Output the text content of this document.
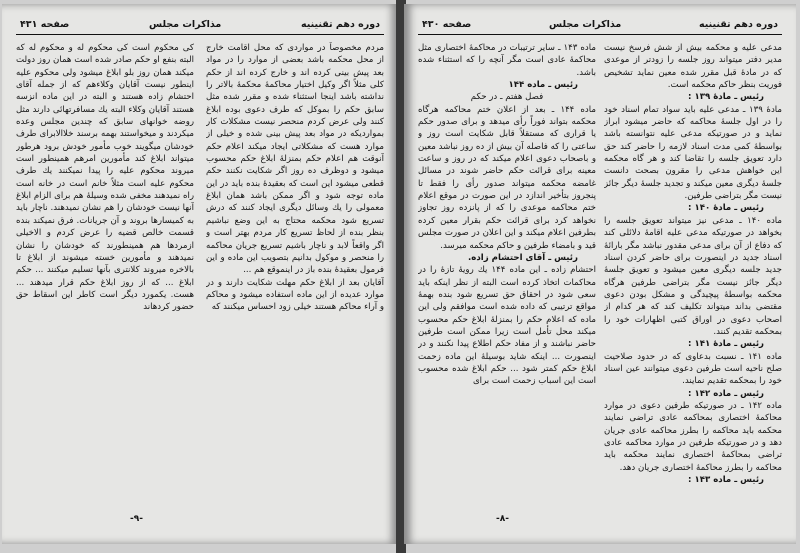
دوره دهم تقنینیه
مذاکرات مجلس
صفحه ۴۳۱

مردم مخصوصاً در مواردی که محل اقامت خارج از محل محکمه باشد بعضی از موارد را در مواد بعد پیش بینی کرده اند و خارج کرده اند از حکم کلی مثلاً اگر وکیل اختیار محاکمهٔ محکمهٔ بالاتر را نداشته باشد اینجا استثناء شده و مقرر شده مثل سابق حکم را بموکل که طرف دعوی بوده ابلاغ کنند ولی عرض کردم منحصر نیست مشکلات کار بمواردیکه در مواد بعد پیش بینی شده و خیلی از موارد هست که مشکلاتی ایجاد میکند اعلام حکم آنوقت هم اعلام حکم بمنزلهٔ ابلاغ حکم محسوب میشود و دوظرف ده روز اگر شکایت نکنند حکم قطعی میشود این است که بعقیدهٔ بنده باید در این ماده توجه شود و اگر ممکن باشد همان ابلاغ معمولی را یك وسائل دیگری ایجاد کنند که درش تسریع شود محکمه محتاج به این وضع نباشیم بنظر بنده از لحاظ تسریع کار مردم بهتر است و اگر واقعاً لابد و ناچار باشیم تسریع جریان محاکمه را منحصر و موکول بدانیم بتصویب این ماده و این فرمول بعقیدهٔ بنده باز در اینموقع هم ...

آقایان بعد از ابلاغ حکم مهلت شکایت دارند و در موارد عدیده از این ماده استفاده میشود و محاکم و آراء محاکم هستند خیلی زود احساس میکنند که

کی محکوم است کی محکوم له و محکوم له که البته بنفع او حکم صادر شده است همان روز دولت میکند همان روز بلو ابلاغ میشود ولی محکوم علیه اینطور نیست آقایان وکلاءهم که از جمله آقای احتشام زاده هستند و البته در این ماده انزسه هستند آقایان وکلاء البته یك مسافرتهائی دارند مثل روضه خوانهای سابق که چندین مجلس وعده میکردند و میخواستند بهمه برسند خلاالابرای طرف خودشان میگویند خوب مأمور خودش برود هرطور میتواند ابلاغ کند مأمورین امرهم همینطور است میروند محکوم علیه را پیدا نمیکنند یك طرف محکوم علیه است مثلاً خانم است در خانه است راه نمیدهند مخفی شده وسیلهٔ هم برای الزام ابلاغ آنها نیست خودشان را هم نشان نمیدهند. ناچار باید به کمیسارها بروند و آن جریانات. فرق نمیکند بنده قسمت خالص قضیه را عرض کردم و الاخیلی ازمردها هم همینطورند که خودشان را نشان نمیدهند و مأمورین خسته میشوند از ابلاغ تا بالاخره میروند کلانتری بآنها تسلیم میکنند ... حکم ابلاغ ... که از روز ابلاغ حکم قرار میدهند ... هست. یکمورد دیگر است کاطر این اسقاط حق حضور کردهاند

-۹-
دوره دهم تقنینیه
مذاکرات مجلس
صفحه ۴۳۰

مدعی علیه و محکمه بیش از شش فرسخ نیست مدیر دفتر میتواند روز جلسه را زودتر از موعدی که در مادهٔ قبل مقرر شده معین نماید تشخیص فوریت بنظر حاکم محکمه است.

رئیس ـ مادهٔ ۱۳۹ :

مادهٔ ۱۳۹ ـ مدعی علیه باید سواد تمام اسناد خود را در اول جلسهٔ محاکمه که حاضر میشود ابراز نماید و در صورتیکه مدعی علیه نتوانسته باشد بواسطهٔ کمی مدت اسناد لازمه را حاضر کند حق دارد تعویق جلسه را تقاضا کند و هر گاه محکمه این خواهش مدعی را مقرون بصحت دانست جلسهٔ دیگری معین میکند و تجدید جلسهٔ دیگر جائز نیست مگر بتراضی طرفین.

رئیس ـ مادهٔ ۱۴۰ :

ماده ۱۴۰ ـ مدعی نیز میتواند تعویق جلسه را بخواهد در صورتیکه مدعی علیه اقامهٔ دلائلی کند که دفاع از آن برای مدعی مقدور نباشد مگر بارائهٔ اسناد جدید در اینصورت برای حاضر کردن اسناد جدید جلسه دیگری معین میشود و تعویق جلسهٔ دیگر جائز نیست مگر بتراضی طرفین هرگاه محکمه بواسطهٔ پیچیدگی و مشکل بودن دعوی مقتضی بداند میتواند تکلیف کند که هر کدام از اصحاب دعوی در اوراق کتبی اظهارات خود را بمحکمه تقدیم کنند.

رئیس ـ مادهٔ ۱۴۱ :

ماده ۱۴۱ ـ نسبت بدعاوی که در حدود صلاحیت صلح ناحیه است طرفین دعوی میتوانند عین اسناد خود را بمحکمه تقدیم نمایند.

رئیس ـ ماده ۱۴۲ :

ماده ۱۴۲ ـ در صورتیکه طرفین دعوی در موارد محاکمهٔ اختصاری بمحاکمه عادی تراضی نمایند محکمه باید محاکمه را بطرز محاکمه عادی جریان دهد و در صورتیکه طرفین در موارد محاکمه عادی تراضی بمحاکمهٔ اختصاری نمایند محکمه باید محاکمه را بطرز محاکمهٔ اختصاری جریان دهد.

رئیس ـ ماده ۱۴۳ :

ماده ۱۴۳ ـ سایر ترتیبات در محاکمهٔ اختصاری مثل محاکمهٔ عادی است مگر آنچه را که استثناء شده باشد.

رئیس ـ ماده ۱۴۴

فصل هفتم ـ در حکم

ماده ۱۴۴ ـ بعد از اعلان ختم محاکمه هرگاه محکمه بتواند فوراً رأی میدهد و برای صدور حکم یا قراری که مستقلاً قابل شکایت است روز و ساعتی را که فاصله آن بیش از ده روز نباشد معین و باصحاب دعوی اعلام میکند که در روز و ساعت معینه برای قرائت حکم حاضر شوند در مسائل غامضه محکمه میتواند صدور رأی را فقط تا پنجروز بتأخیر اندازد در این صورت در موقع اعلام ختم محاکمه موعدی را که از پانزده روز تجاوز نخواهد کرد برای قرائت حکم بقرار معین کرده بطرفین اعلام میکند و این اعلان در صورت مجلس قید و بامضاء طرفین و حاکم محکمه میرسد.

رئیس ـ آقای احتشام زاده.

احتشام زاده ـ این ماده ۱۴۴ یك رویهٔ تازهٔ را در محاکمات اتخاذ کرده است البته از نظر اینکه باید سعی شود در احقاق حق تسریع شود بنده بهمهٔ مواقع ترتیبی که داده شده است موافقم ولی این ماده که اعلام حکم را بمنزلهٔ ابلاغ حکم محسوب میکند محل تأمل است زیرا ممکن است طرفین حاضر نباشند و از مفاد حکم اطلاع پیدا نکنند و در اینصورت ... اینکه شاید بوسیلهٔ این ماده زحمت ابلاغ حکم کمتر شود ... حکم ابلاغ شده محسوب است این اسباب زحمت است برای

-۸-
